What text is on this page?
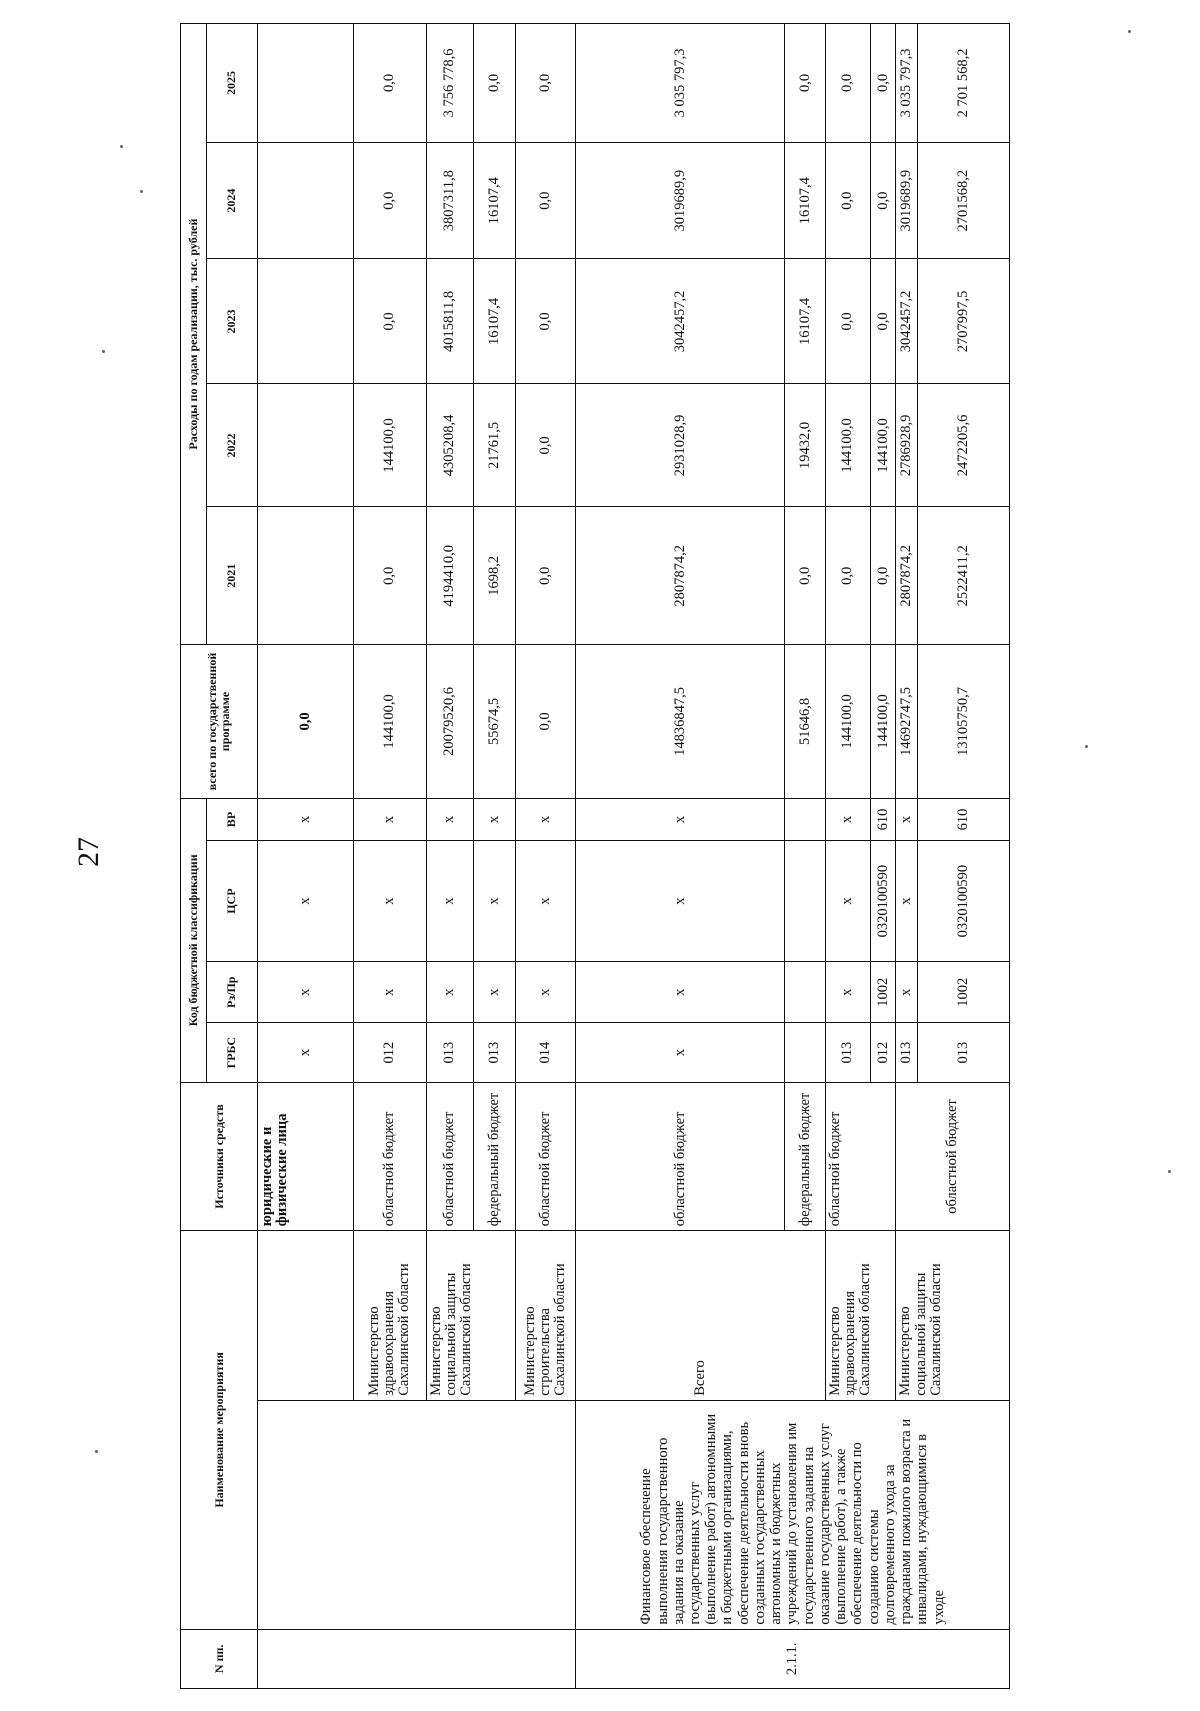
27
N пп.	Наименование мероприятия		Источники средств	Код бюджетной классификации				всего по государственной программе	Расходы по годам реализации, тыс. рублей				
				ГРБС	Рз/Пр	ЦСР	ВР		2021	2022	2023	2024	2025
			юридические и физические лица	x	x	x	x	0,0					
		Министерство здравоохранения Сахалинской области	областной бюджет	012	x	x	x	144100,0	0,0	144100,0	0,0	0,0	0,0
		Министерство социальной защиты Сахалинской области	областной бюджет	013	x	x	x	20079520,6	4194410,0	4305208,4	4015811,8	3807311,8	3 756 778,6
			федеральный бюджет	013	x	x	x	55674,5	1698,2	21761,5	16107,4	16107,4	0,0
		Министерство строительства Сахалинской области	областной бюджет	014	x	x	x	0,0	0,0	0,0	0,0	0,0	0,0
2.1.1.	Финансовое обеспечение выполнения государственного задания на оказание государственных услуг (выполнение работ) автономными и бюджетными организациями, обеспечение деятельности вновь созданных государственных автономных и бюджетных учреждений до установления им государственного задания на оказание государственных услуг (выполнение работ), а также обеспечение деятельности по созданию системы долговременного ухода за гражданами пожилого возраста и инвалидами, нуждающимися в уходе	Всего	областной бюджет	x	x	x	x	14836847,5	2807874,2	2931028,9	3042457,2	3019689,9	3 035 797,3
			федеральный бюджет					51646,8	0,0	19432,0	16107,4	16107,4	0,0
		Министерство здравоохранения Сахалинской области	областной бюджет	013	x	x	x	144100,0	0,0	144100,0	0,0	0,0	0,0
				012	1002	0320100590	610	144100,0	0,0	144100,0	0,0	0,0	0,0
		Министерство социальной защиты Сахалинской области	областной бюджет	013	x	x	x	14692747,5	2807874,2	2786928,9	3042457,2	3019689,9	3 035 797,3
				013	1002	0320100590	610	13105750,7	2522411,2	2472205,6	2707997,5	2701568,2	2 701 568,2
